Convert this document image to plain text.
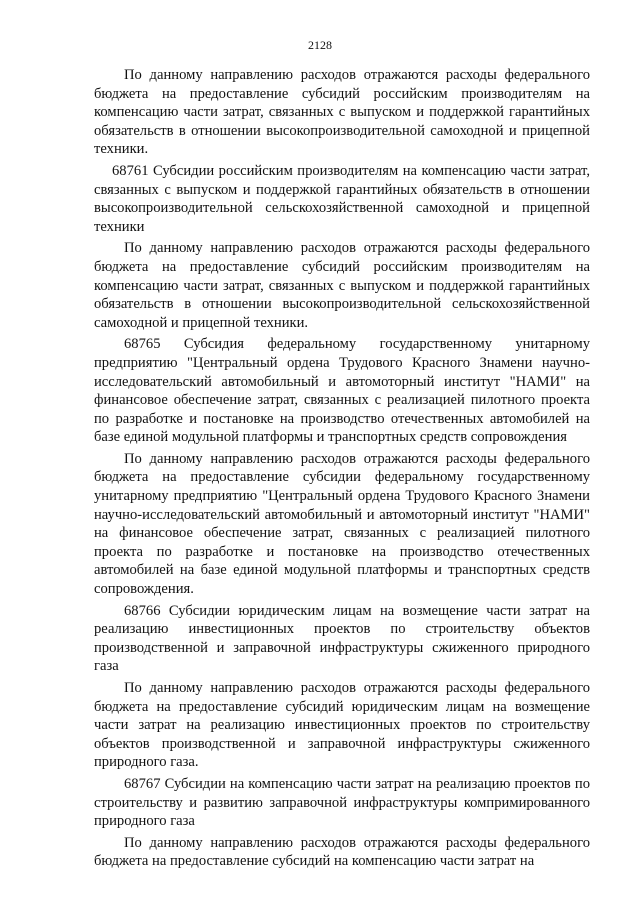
2128

По данному направлению расходов отражаются расходы федерального бюджета на предоставление субсидий российским производителям на компенсацию части затрат, связанных с выпуском и поддержкой гарантийных обязательств в отношении высокопроизводительной самоходной и прицепной техники.

68761 Субсидии российским производителям на компенсацию части затрат, связанных с выпуском и поддержкой гарантийных обязательств в отношении высокопроизводительной сельскохозяйственной самоходной и прицепной техники

По данному направлению расходов отражаются расходы федерального бюджета на предоставление субсидий российским производителям на компенсацию части затрат, связанных с выпуском и поддержкой гарантийных обязательств в отношении высокопроизводительной сельскохозяйственной самоходной и прицепной техники.

68765 Субсидия федеральному государственному унитарному предприятию "Центральный ордена Трудового Красного Знамени научно-исследовательский автомобильный и автомоторный институт "НАМИ" на финансовое обеспечение затрат, связанных с реализацией пилотного проекта по разработке и постановке на производство отечественных автомобилей на базе единой модульной платформы и транспортных средств сопровождения

По данному направлению расходов отражаются расходы федерального бюджета на предоставление субсидии федеральному государственному унитарному предприятию "Центральный ордена Трудового Красного Знамени научно-исследовательский автомобильный и автомоторный институт "НАМИ" на финансовое обеспечение затрат, связанных с реализацией пилотного проекта по разработке и постановке на производство отечественных автомобилей на базе единой модульной платформы и транспортных средств сопровождения.

68766 Субсидии юридическим лицам на возмещение части затрат на реализацию инвестиционных проектов по строительству объектов производственной и заправочной инфраструктуры сжиженного природного газа

По данному направлению расходов отражаются расходы федерального бюджета на предоставление субсидий юридическим лицам на возмещение части затрат на реализацию инвестиционных проектов по строительству объектов производственной и заправочной инфраструктуры сжиженного природного газа.

68767 Субсидии на компенсацию части затрат на реализацию проектов по строительству и развитию заправочной инфраструктуры компримированного природного газа

По данному направлению расходов отражаются расходы федерального бюджета на предоставление субсидий на компенсацию части затрат на
